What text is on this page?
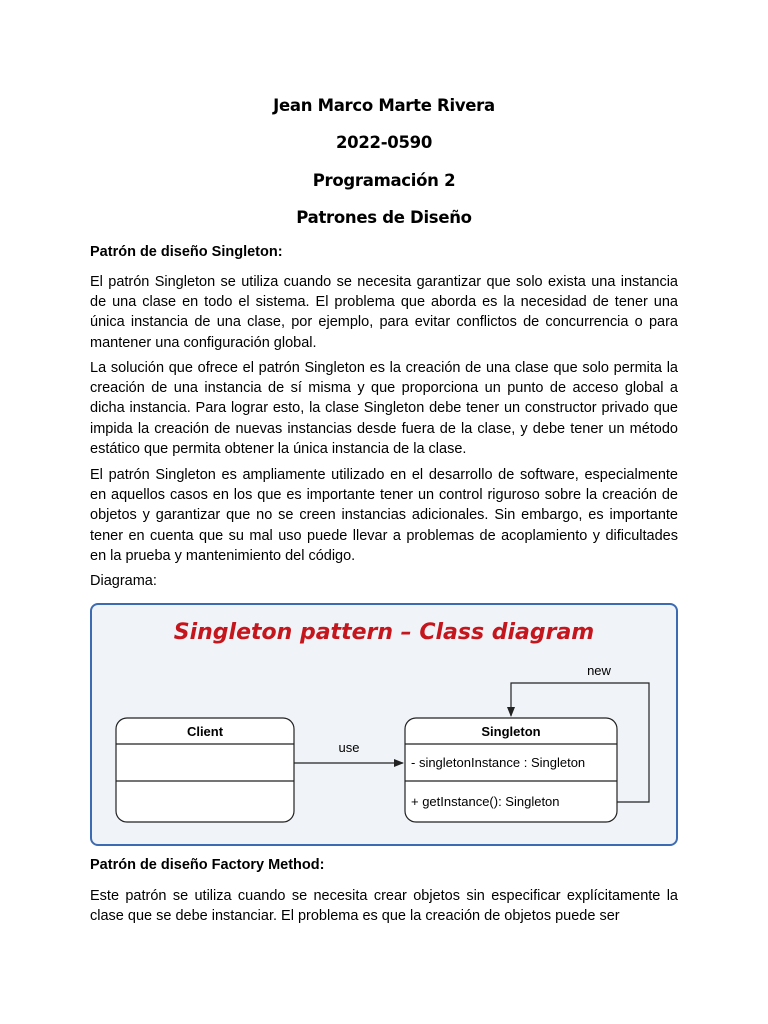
Jean Marco Marte Rivera
2022-0590
Programación 2
Patrones de Diseño
Patrón de diseño Singleton:

El patrón Singleton se utiliza cuando se necesita garantizar que solo exista una instancia de una clase en todo el sistema. El problema que aborda es la necesidad de tener una única instancia de una clase, por ejemplo, para evitar conflictos de concurrencia o para mantener una configuración global.

La solución que ofrece el patrón Singleton es la creación de una clase que solo permita la creación de una instancia de sí misma y que proporciona un punto de acceso global a dicha instancia. Para lograr esto, la clase Singleton debe tener un constructor privado que impida la creación de nuevas instancias desde fuera de la clase, y debe tener un método estático que permita obtener la única instancia de la clase.

El patrón Singleton es ampliamente utilizado en el desarrollo de software, especialmente en aquellos casos en los que es importante tener un control riguroso sobre la creación de objetos y garantizar que no se creen instancias adicionales. Sin embargo, es importante tener en cuenta que su mal uso puede llevar a problemas de acoplamiento y dificultades en la prueba y mantenimiento del código.

Diagrama:

Singleton pattern – Class diagram
Client	Singleton
- singletonInstance : Singleton
+ getInstance(): Singleton
use
new
Patrón de diseño Factory Method:

Este patrón se utiliza cuando se necesita crear objetos sin especificar explícitamente la clase que se debe instanciar. El problema es que la creación de objetos puede ser
